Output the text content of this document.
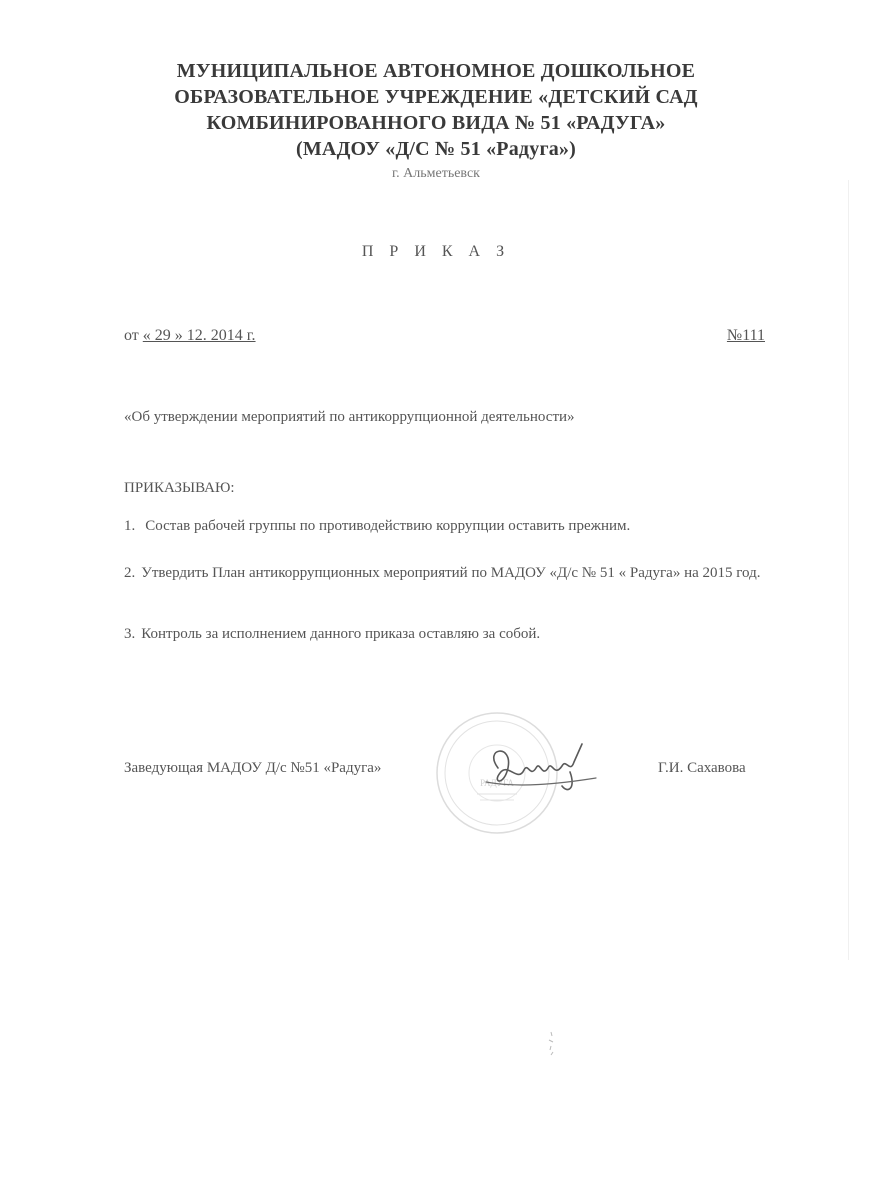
МУНИЦИПАЛЬНОЕ АВТОНОМНОЕ ДОШКОЛЬНОЕ
ОБРАЗОВАТЕЛЬНОЕ УЧРЕЖДЕНИЕ «ДЕТСКИЙ САД
КОМБИНИРОВАННОГО ВИДА № 51 «РАДУГА»
(МАДОУ «Д/С № 51 «Радуга»)
г. Альметьевск
П Р И К А З
от « 29 » 12. 2014 г.	№111
«Об утверждении мероприятий по антикоррупционной деятельности»
ПРИКАЗЫВАЮ:
1. Состав рабочей группы по противодействию коррупции оставить прежним.
2. Утвердить План антикоррупционных мероприятий по МАДОУ «Д/с № 51 « Радуга» на 2015 год.
3. Контроль за исполнением данного приказа оставляю за собой.
Заведующая МАДОУ Д/с №51 «Радуга»
РАДУГА
Г.И. Сахавова
